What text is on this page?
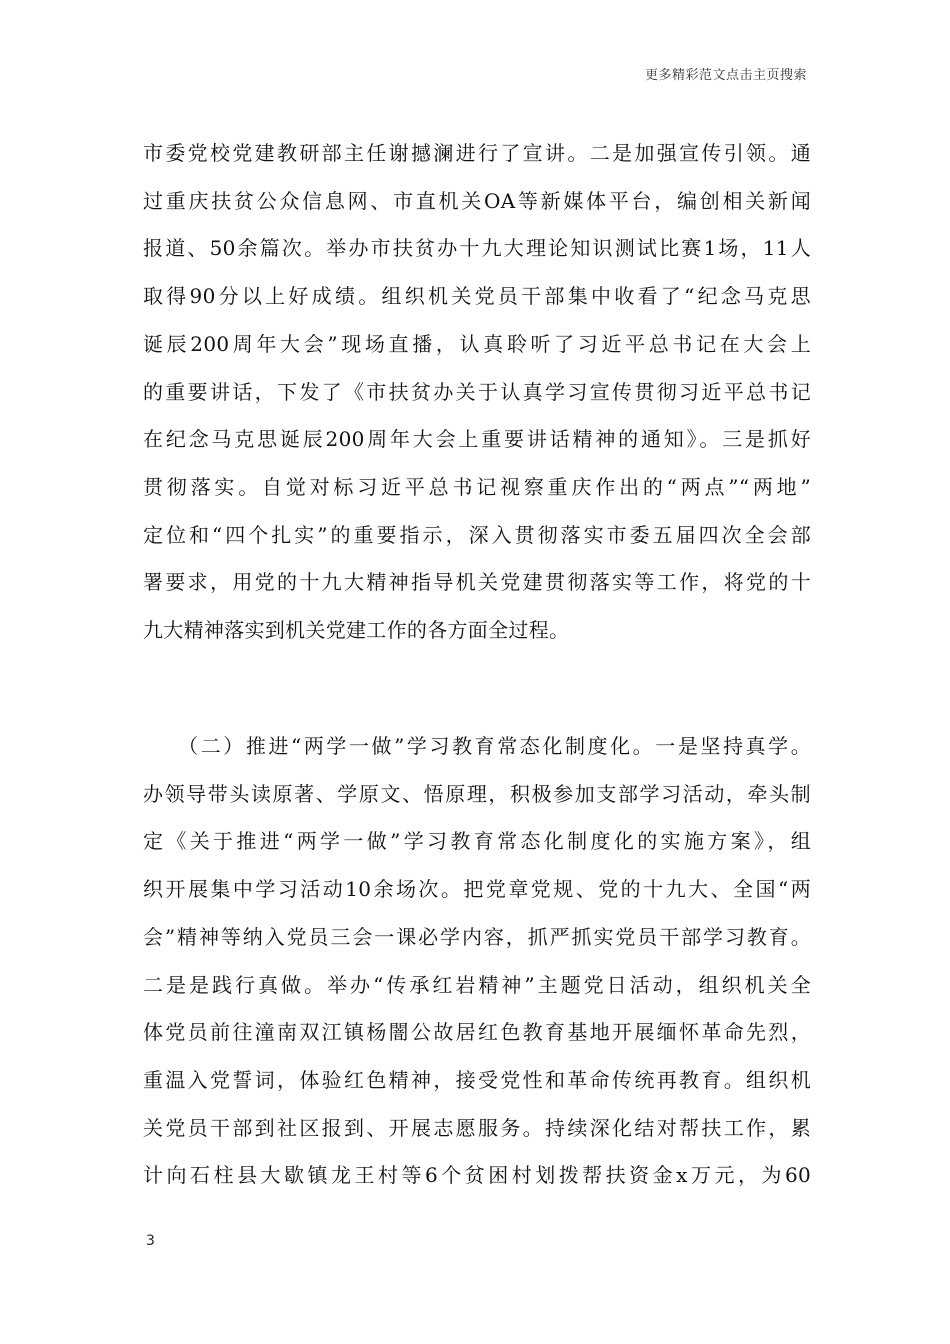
更多精彩范文点击主页搜索
市委党校党建教研部主任谢撼澜进行了宣讲。二是加强宣传引领。通
过重庆扶贫公众信息网、市直机关OA等新媒体平台，编创相关新闻
报道、50余篇次。举办市扶贫办十九大理论知识测试比赛1场，11人
取得90分以上好成绩。组织机关党员干部集中收看了“纪念马克思
诞辰200周年大会”现场直播，认真聆听了习近平总书记在大会上
的重要讲话，下发了《市扶贫办关于认真学习宣传贯彻习近平总书记
在纪念马克思诞辰200周年大会上重要讲话精神的通知》。三是抓好
贯彻落实。自觉对标习近平总书记视察重庆作出的“两点”“两地”
定位和“四个扎实”的重要指示，深入贯彻落实市委五届四次全会部
署要求，用党的十九大精神指导机关党建贯彻落实等工作，将党的十
九大精神落实到机关党建工作的各方面全过程。
　　（二）推进“两学一做”学习教育常态化制度化。一是坚持真学。
办领导带头读原著、学原文、悟原理，积极参加支部学习活动，牵头制
定《关于推进“两学一做”学习教育常态化制度化的实施方案》，组
织开展集中学习活动10余场次。把党章党规、党的十九大、全国“两
会”精神等纳入党员三会一课必学内容，抓严抓实党员干部学习教育。
二是是践行真做。举办“传承红岩精神”主题党日活动，组织机关全
体党员前往潼南双江镇杨闇公故居红色教育基地开展缅怀革命先烈，
重温入党誓词，体验红色精神，接受党性和革命传统再教育。组织机
关党员干部到社区报到、开展志愿服务。持续深化结对帮扶工作，累
计向石柱县大歇镇龙王村等6个贫困村划拨帮扶资金x万元，为60
3
